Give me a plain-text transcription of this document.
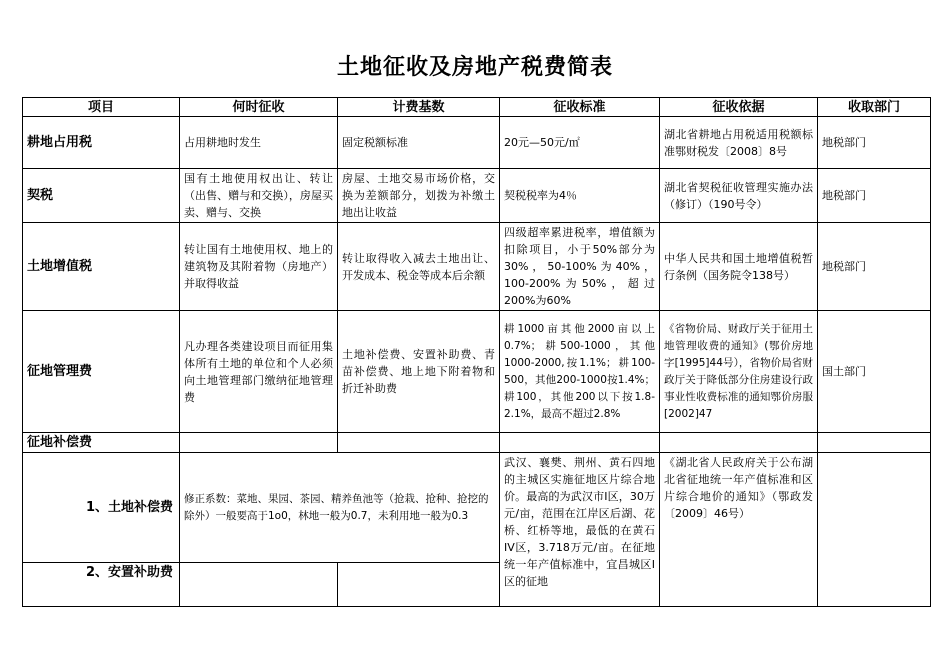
土地征收及房地产税费简表
项目	何时征收	计费基数	征收标准	征收依据	收取部门
耕地占用税	占用耕地时发生	固定税额标准	20元—50元/㎡	湖北省耕地占用税适用税额标准鄂财税发〔2008〕8号	地税部门
契税	国有土地使用权出让、转让（出售、赠与和交换），房屋买卖、赠与、交换	房屋、土地交易市场价格，交换为差额部分，划拨为补缴土地出让收益	契税税率为4％	湖北省契税征收管理实施办法（修订）（190号令）	地税部门
土地增值税	转让国有土地使用权、地上的建筑物及其附着物（房地产）并取得收益	转让取得收入减去土地出让、开发成本、税金等成本后余额	四级超率累进税率，增值额为扣除项目，小于50%部分为30%，50-100%为40%，100-200%为50%，超过200%为60%	中华人民共和国土地增值税暂行条例（国务院令138号）	地税部门
征地管理费	凡办理各类建设项目而征用集体所有土地的单位和个人必须向土地管理部门缴纳征地管理费	土地补偿费、安置补助费、青苗补偿费、地上地下附着物和折迁补助费	耕1000亩其他2000亩以上0.7%；耕500-1000，其他1000-2000,按1.1%；耕100-500，其他200-1000按1.4%；耕100，其他200以下按1.8-2.1%，最高不超过2.8%	《省物价局、财政厅关于征用土地管理收费的通知》(鄂价房地字[1995]44号），省物价局省财政厅关于降低部分住房建设行政事业性收费标准的通知鄂价房服[2002]47	国土部门
征地补偿费					
1、土地补偿费	修正系数：菜地、果园、茶园、精养鱼池等（抢栽、抢种、抢挖的除外）一般要高于1o0，林地一般为0.7，未利用地一般为0.3		武汉、襄樊、荆州、黄石四地的主城区实施征地区片综合地价。最高的为武汉市I区，30万元/亩，范围在江岸区后湖、花桥、红桥等地，最低的在黄石IV区，3.718万元/亩。在征地统一年产值标准中，宜昌城区I区的征地	《湖北省人民政府关于公布湖北省征地统一年产值标准和区片综合地价的通知》（鄂政发〔2009〕46号）	
2、安置补助费					
